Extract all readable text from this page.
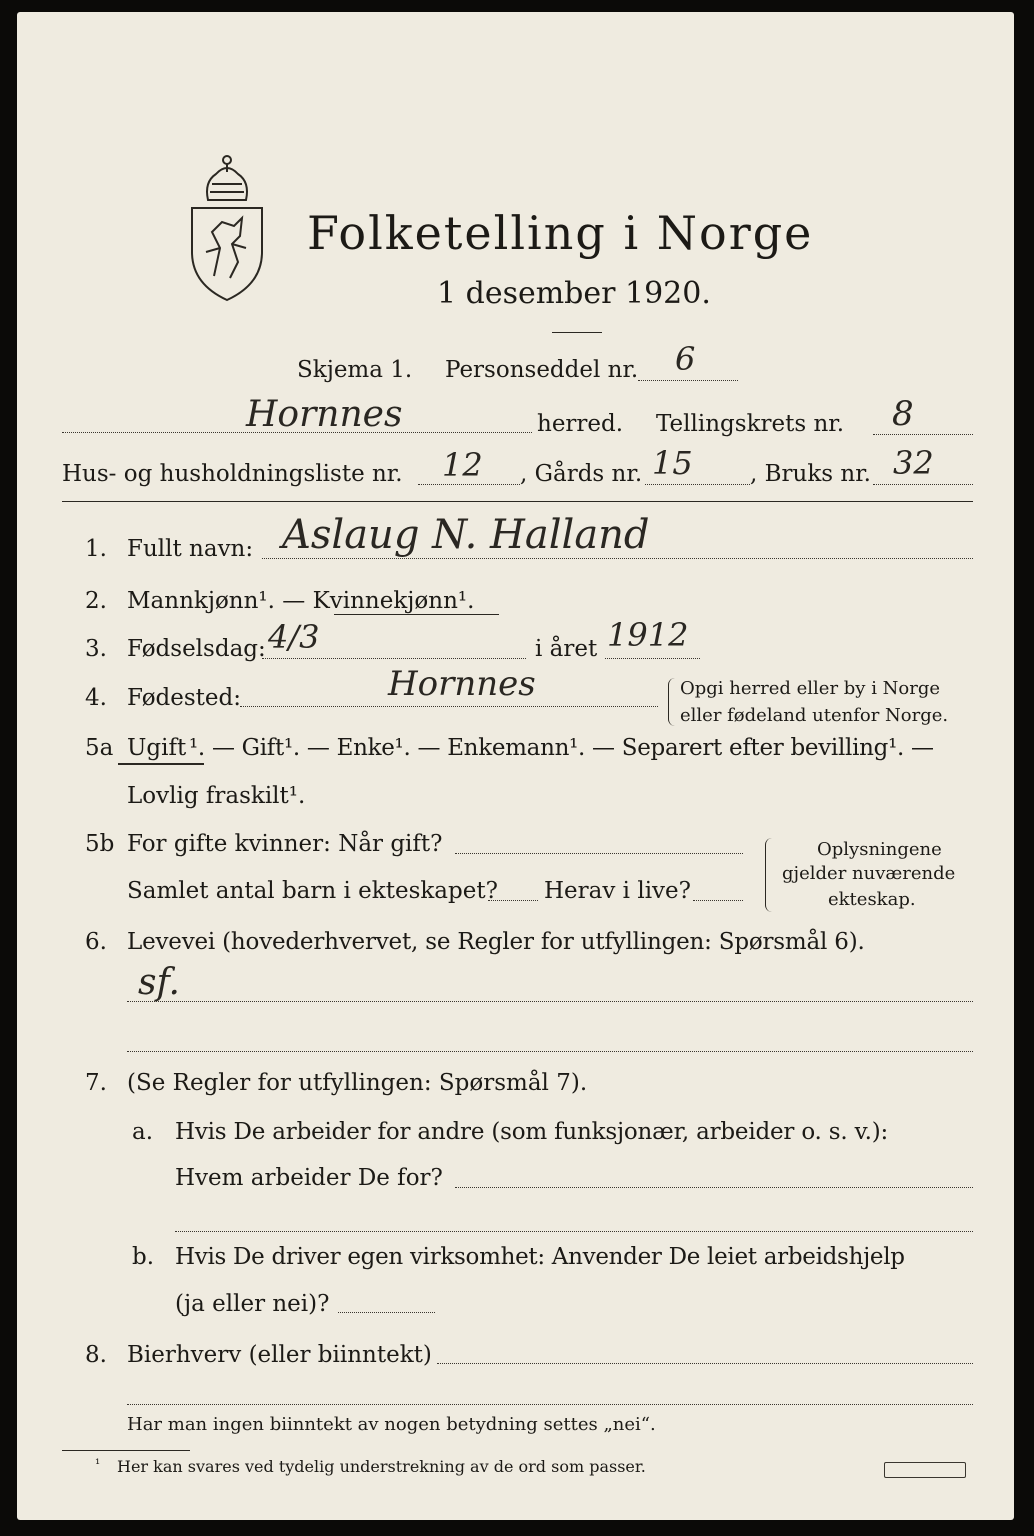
Folketelling i Norge
1 desember 1920.
Skjema 1. Personseddel nr. 6
Hornnes	herred. Tellingskrets nr. 8
Hus- og husholdningsliste nr. 12 , Gårds nr. 15 , Bruks nr. 32
1. Fullt navn: Aslaug N. Halland
2. Mannkjønn¹. — Kvinnekjønn¹.
3. Fødselsdag: 4/3	i året 1912
4. Fødested:	Hornnes	Opgi herred eller by i Norge
eller fødeland utenfor Norge.
5a Ugift ¹. — Gift¹. — Enke¹. — Enkemann¹. — Separert efter bevilling¹. —
Lovlig fraskilt¹.
5b For gifte kvinner: Når gift?
Samlet antal barn i ekteskapet? Herav i live?
Oplysningene
gjelder nuværende
ekteskap.
6. Levevei (hovederhvervet, se Regler for utfyllingen: Spørsmål 6).
sf.
7. (Se Regler for utfyllingen: Spørsmål 7).
a. Hvis De arbeider for andre (som funksjonær, arbeider o. s. v.):
Hvem arbeider De for?
b. Hvis De driver egen virksomhet: Anvender De leiet arbeidshjelp
(ja eller nei)?
8. Bierhverv (eller biinntekt)
Har man ingen biinntekt av nogen betydning settes „nei“.
¹ Her kan svares ved tydelig understrekning av de ord som passer.
